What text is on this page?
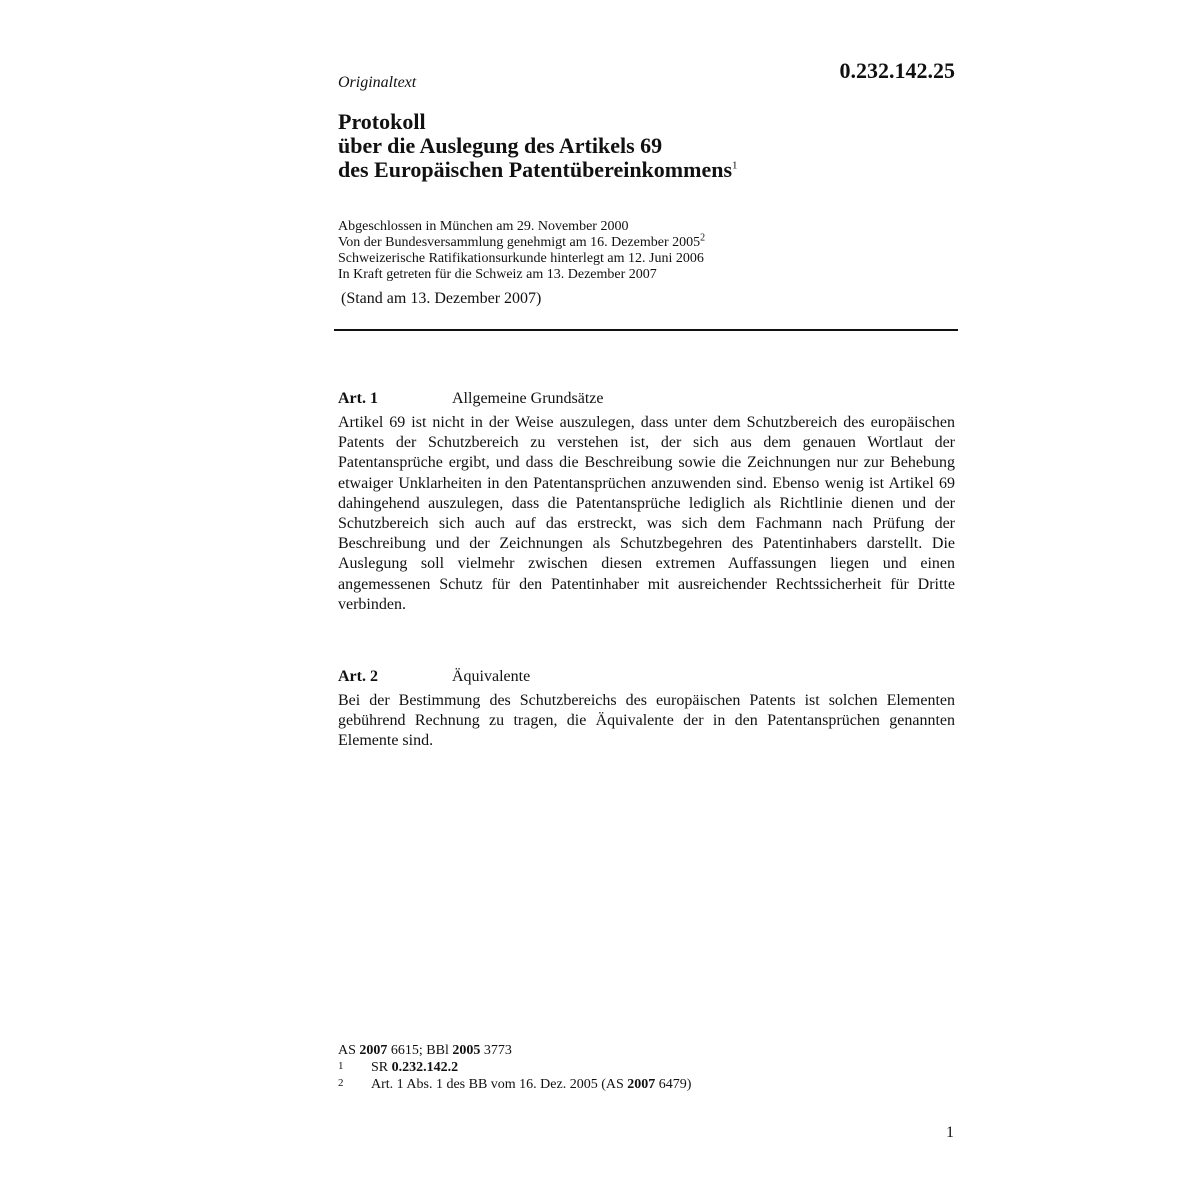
0.232.142.25
Originaltext
Protokoll
über die Auslegung des Artikels 69
des Europäischen Patentübereinkommens$^1$
Abgeschlossen in München am 29. November 2000
Von der Bundesversammlung genehmigt am 16. Dezember 2005$^2$
Schweizerische Ratifikationsurkunde hinterlegt am 12. Juni 2006
In Kraft getreten für die Schweiz am 13. Dezember 2007
(Stand am 13. Dezember 2007)
Art. 1	Allgemeine Grundsätze
Artikel 69 ist nicht in der Weise auszulegen, dass unter dem Schutzbereich des europäischen Patents der Schutzbereich zu verstehen ist, der sich aus dem genauen Wortlaut der Patentansprüche ergibt, und dass die Beschreibung sowie die Zeichnungen nur zur Behebung etwaiger Unklarheiten in den Patentansprüchen anzuwenden sind. Ebenso wenig ist Artikel 69 dahingehend auszulegen, dass die Patentansprüche lediglich als Richtlinie dienen und der Schutzbereich sich auch auf das erstreckt, was sich dem Fachmann nach Prüfung der Beschreibung und der Zeichnungen als Schutzbegehren des Patentinhabers darstellt. Die Auslegung soll vielmehr zwischen diesen extremen Auffassungen liegen und einen angemessenen Schutz für den Patentinhaber mit ausreichender Rechtssicherheit für Dritte verbinden.
Art. 2	Äquivalente
Bei der Bestimmung des Schutzbereichs des europäischen Patents ist solchen Elementen gebührend Rechnung zu tragen, die Äquivalente der in den Patentansprüchen genannten Elemente sind.
AS 2007 6615; BBl 2005 3773
1	SR 0.232.142.2
2	Art. 1 Abs. 1 des BB vom 16. Dez. 2005 (AS 2007 6479)
1
